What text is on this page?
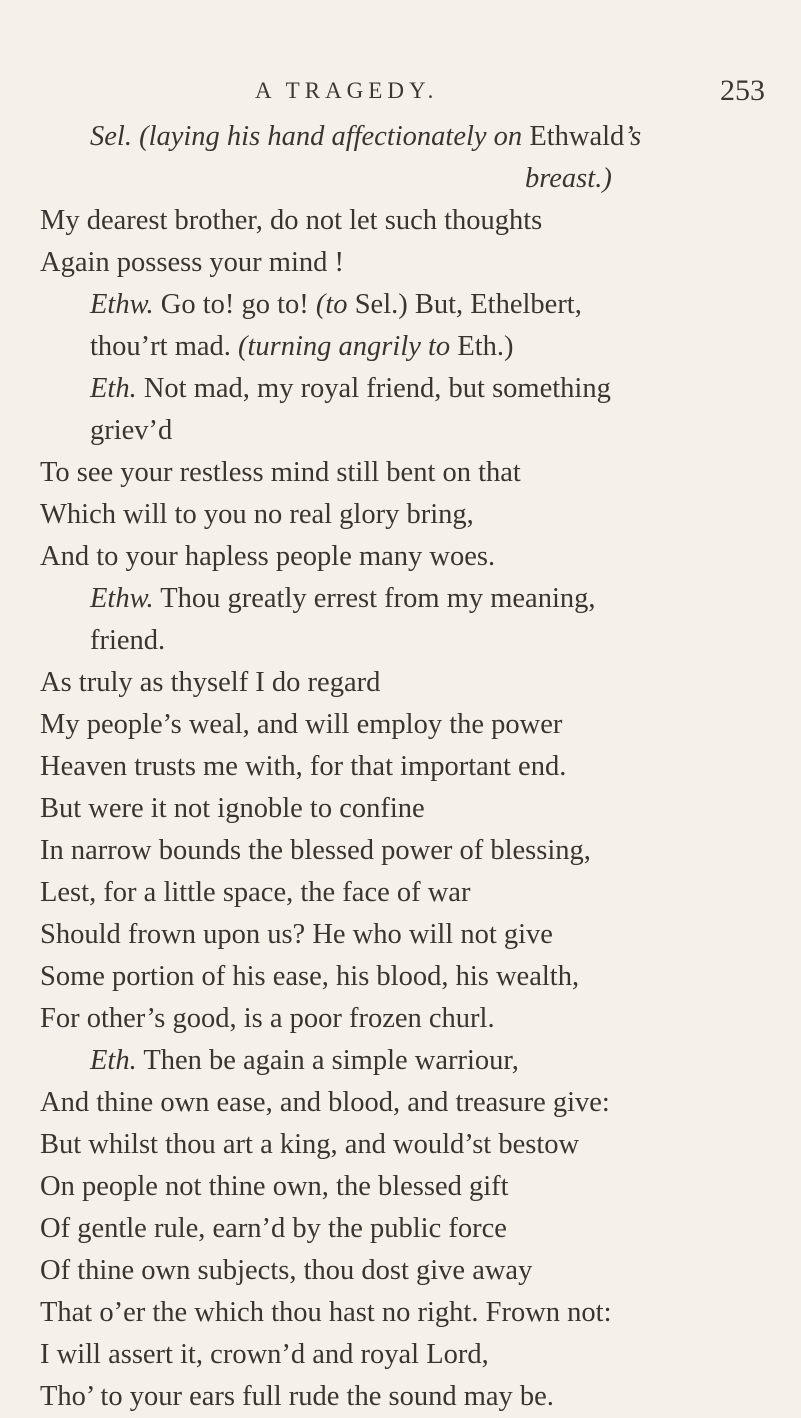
A TRAGEDY.	253
Sel. (laying his hand affectionately on Ethwald’s
breast.)
My dearest brother, do not let such thoughts
Again possess your mind !
Ethw. Go to! go to! (to Sel.) But, Ethelbert,
thou’rt mad. (turning angrily to Eth.)
Eth. Not mad, my royal friend, but something
griev’d
To see your restless mind still bent on that
Which will to you no real glory bring,
And to your hapless people many woes.
Ethw. Thou greatly errest from my meaning,
friend.
As truly as thyself I do regard
My people’s weal, and will employ the power
Heaven trusts me with, for that important end.
But were it not ignoble to confine
In narrow bounds the blessed power of blessing,
Lest, for a little space, the face of war
Should frown upon us? He who will not give
Some portion of his ease, his blood, his wealth,
For other’s good, is a poor frozen churl.
Eth. Then be again a simple warriour,
And thine own ease, and blood, and treasure give:
But whilst thou art a king, and would’st bestow
On people not thine own, the blessed gift
Of gentle rule, earn’d by the public force
Of thine own subjects, thou dost give away
That o’er the which thou hast no right. Frown not:
I will assert it, crown’d and royal Lord,
Tho’ to your ears full rude the sound may be.
